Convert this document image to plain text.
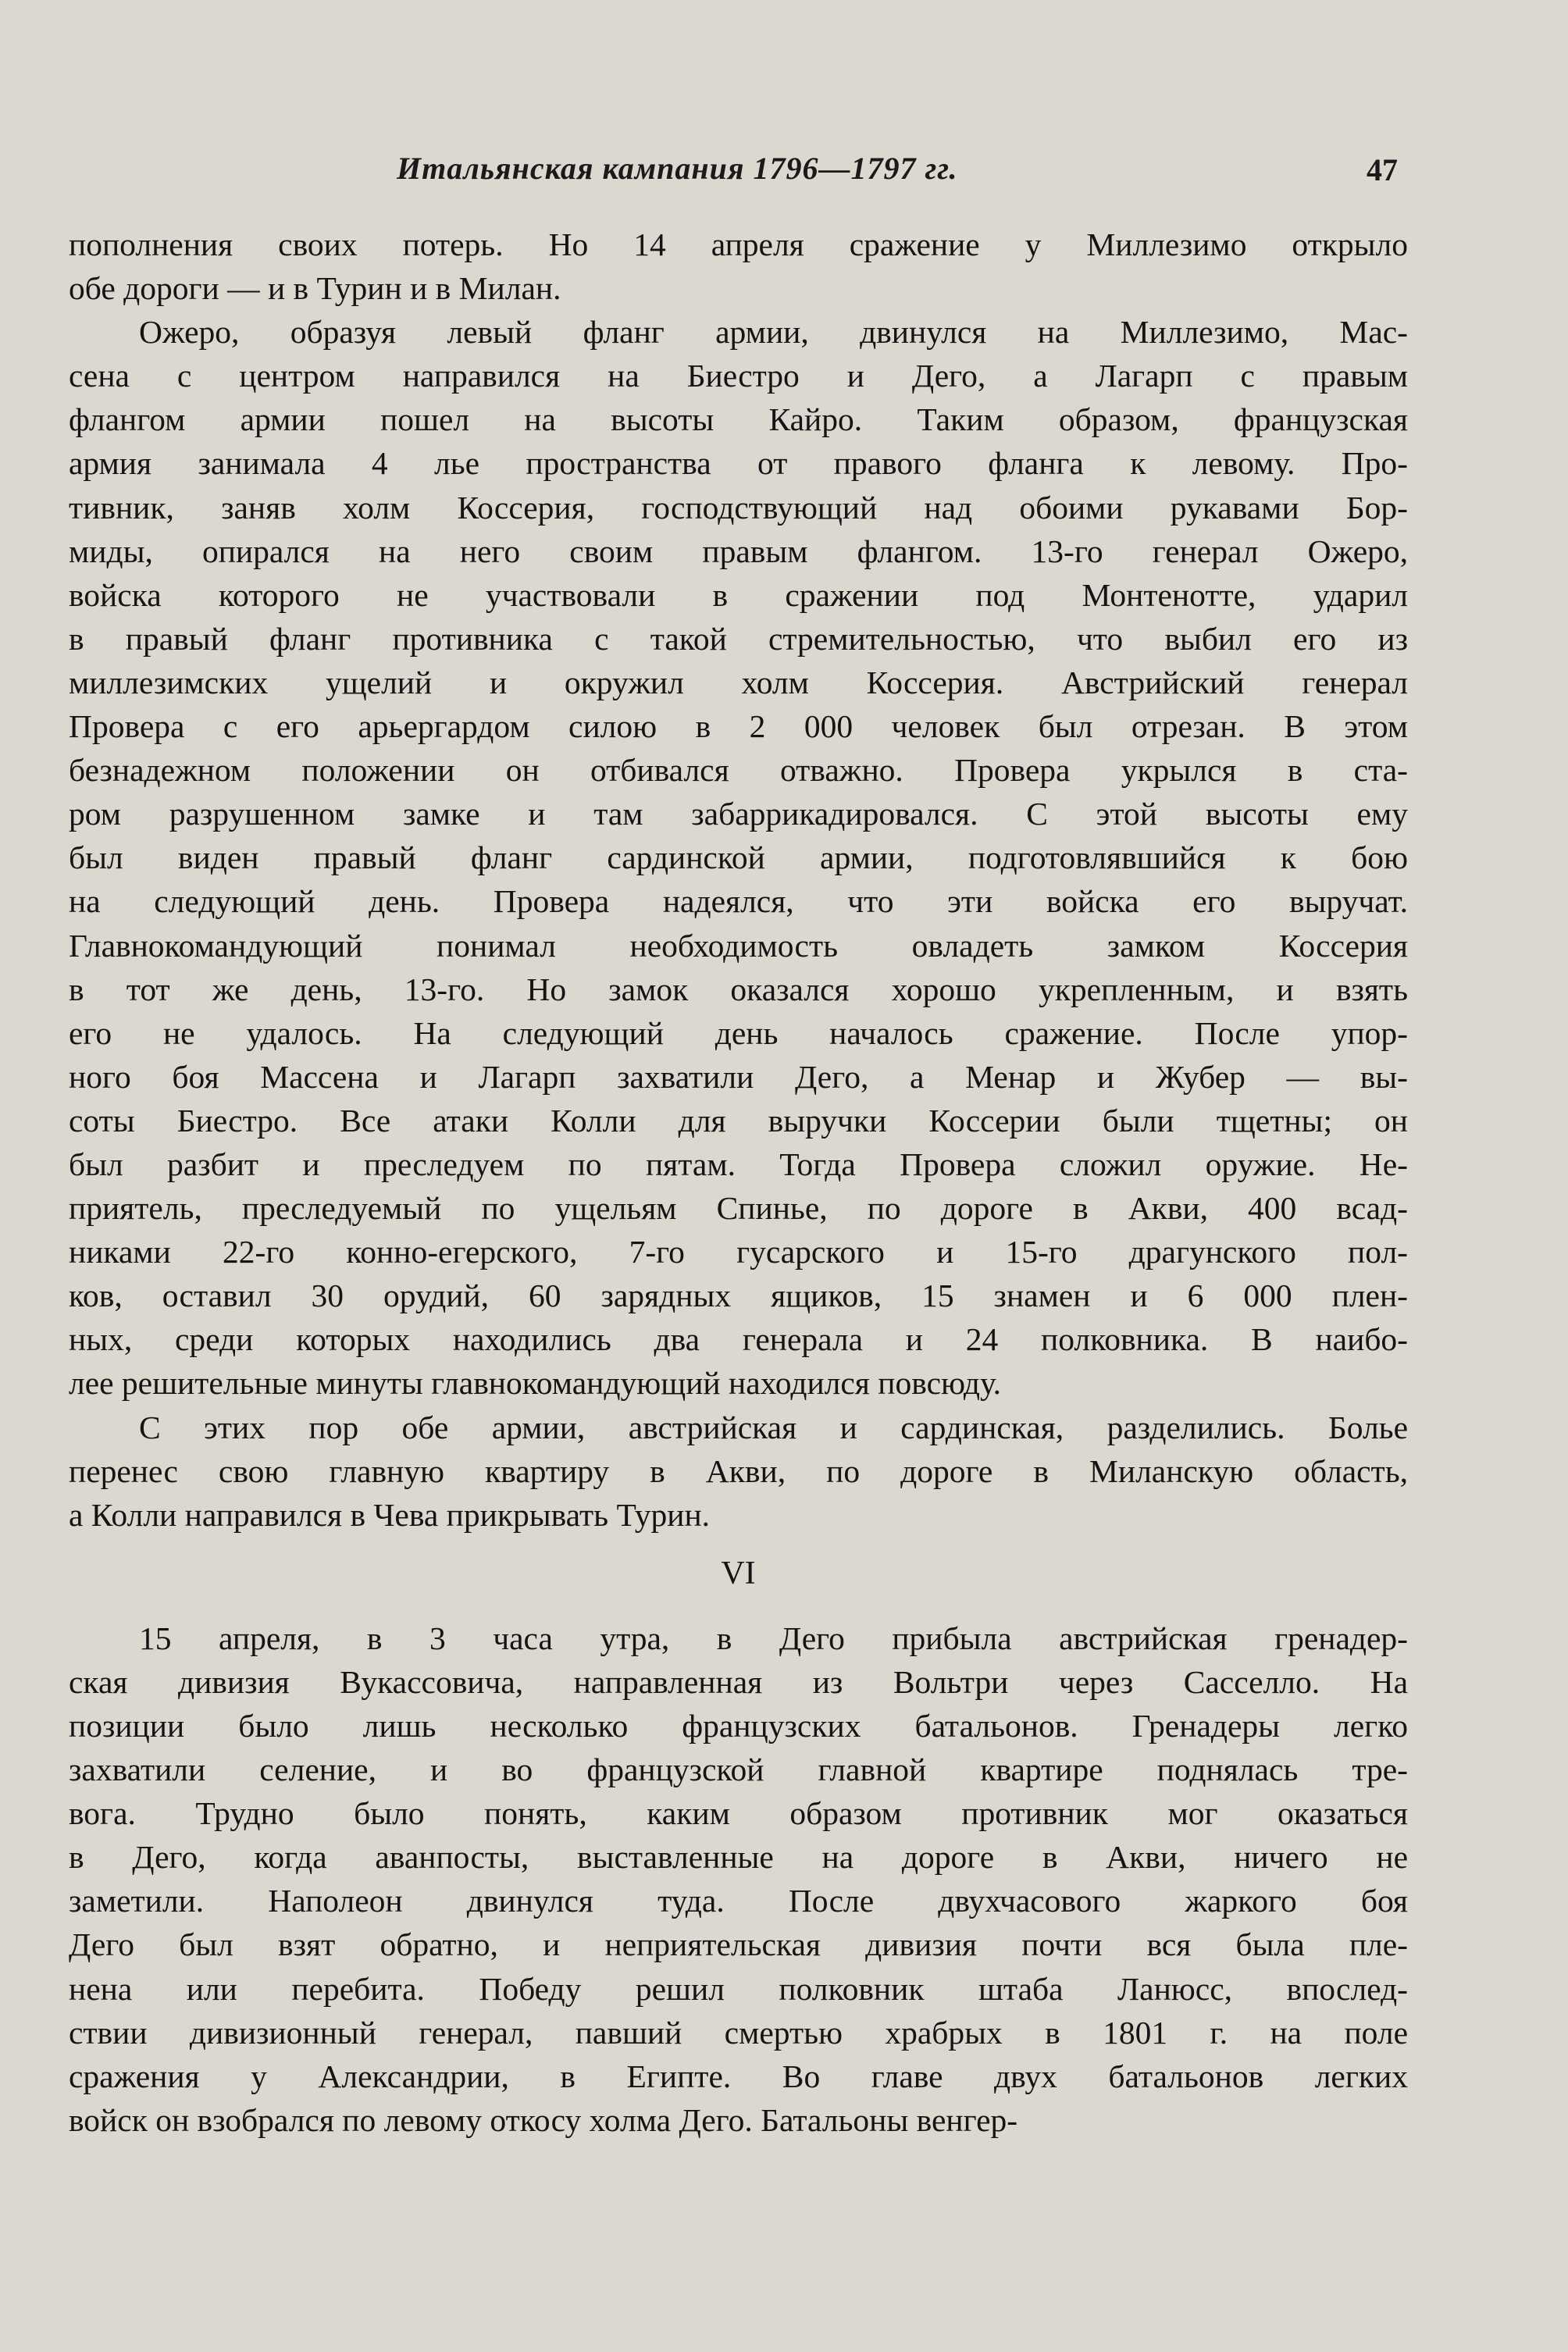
Итальянская кампания 1796—1797 гг.	47
пополнения своих потерь. Но 14 апреля сражение у Миллезимо открыло
обе дороги — и в Турин и в Милан.
Ожеро, образуя левый фланг армии, двинулся на Миллезимо, Мас-
сена с центром направился на Биестро и Дего, а Лагарп с правым
флангом армии пошел на высоты Кайро. Таким образом, французская
армия занимала 4 лье пространства от правого фланга к левому. Про-
тивник, заняв холм Коссерия, господствующий над обоими рукавами Бор-
миды, опирался на него своим правым флангом. 13-го генерал Ожеро,
войска которого не участвовали в сражении под Монтенотте, ударил
в правый фланг противника с такой стремительностью, что выбил его из
миллезимских ущелий и окружил холм Коссерия. Австрийский генерал
Провера с его арьергардом силою в 2 000 человек был отрезан. В этом
безнадежном положении он отбивался отважно. Провера укрылся в ста-
ром разрушенном замке и там забаррикадировался. С этой высоты ему
был виден правый фланг сардинской армии, подготовлявшийся к бою
на следующий день. Провера надеялся, что эти войска его выручат.
Главнокомандующий понимал необходимость овладеть замком Коссерия
в тот же день, 13-го. Но замок оказался хорошо укрепленным, и взять
его не удалось. На следующий день началось сражение. После упор-
ного боя Массена и Лагарп захватили Дего, а Менар и Жубер — вы-
соты Биестро. Все атаки Колли для выручки Коссерии были тщетны; он
был разбит и преследуем по пятам. Тогда Провера сложил оружие. Не-
приятель, преследуемый по ущельям Спинье, по дороге в Акви, 400 всад-
никами 22-го конно-егерского, 7-го гусарского и 15-го драгунского пол-
ков, оставил 30 орудий, 60 зарядных ящиков, 15 знамен и 6 000 плен-
ных, среди которых находились два генерала и 24 полковника. В наибо-
лее решительные минуты главнокомандующий находился повсюду.
С этих пор обе армии, австрийская и сардинская, разделились. Болье
перенес свою главную квартиру в Акви, по дороге в Миланскую область,
а Колли направился в Чева прикрывать Турин.
VI
15 апреля, в 3 часа утра, в Дего прибыла австрийская гренадер-
ская дивизия Вукассовича, направленная из Вольтри через Сасселло. На
позиции было лишь несколько французских батальонов. Гренадеры легко
захватили селение, и во французской главной квартире поднялась тре-
вога. Трудно было понять, каким образом противник мог оказаться
в Дего, когда аванпосты, выставленные на дороге в Акви, ничего не
заметили. Наполеон двинулся туда. После двухчасового жаркого боя
Дего был взят обратно, и неприятельская дивизия почти вся была пле-
нена или перебита. Победу решил полковник штаба Ланюсс, впослед-
ствии дивизионный генерал, павший смертью храбрых в 1801 г. на поле
сражения у Александрии, в Египте. Во главе двух батальонов легких
войск он взобрался по левому откосу холма Дего. Батальоны венгер-
